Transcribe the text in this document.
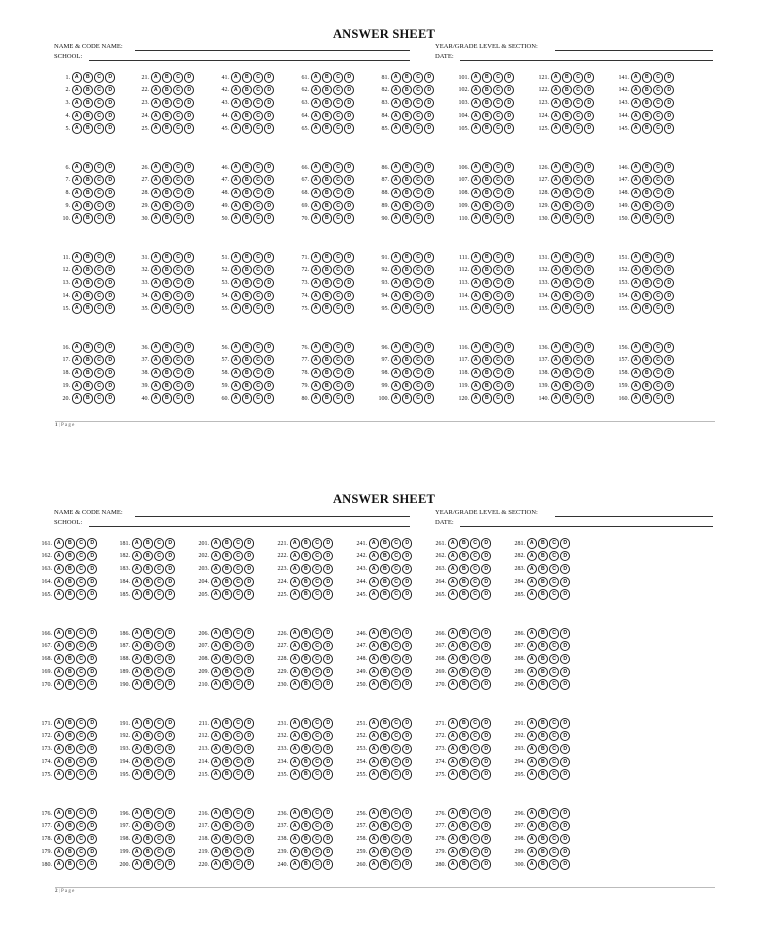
ANSWER SHEET
NAME & CODE NAME:
SCHOOL:
YEAR/GRADE LEVEL & SECTION:
DATE:
1. A	B	C	D
2. A	B	C	D
3. A	B	C	D
4. A	B	C	D
5. A	B	C	D
6. A	B	C	D
7. A	B	C	D
8. A	B	C	D
9. A	B	C	D
10. A	B	C	D
11. A	B	C	D
12. A	B	C	D
13. A	B	C	D
14. A	B	C	D
15. A	B	C	D
16. A	B	C	D
17. A	B	C	D
18. A	B	C	D
19. A	B	C	D
20. A	B	C	D
21. A	B	C	D
22. A	B	C	D
23. A	B	C	D
24. A	B	C	D
25. A	B	C	D
26. A	B	C	D
27. A	B	C	D
28. A	B	C	D
29. A	B	C	D
30. A	B	C	D
31. A	B	C	D
32. A	B	C	D
33. A	B	C	D
34. A	B	C	D
35. A	B	C	D
36. A	B	C	D
37. A	B	C	D
38. A	B	C	D
39. A	B	C	D
40. A	B	C	D
41. A	B	C	D
42. A	B	C	D
43. A	B	C	D
44. A	B	C	D
45. A	B	C	D
46. A	B	C	D
47. A	B	C	D
48. A	B	C	D
49. A	B	C	D
50. A	B	C	D
51. A	B	C	D
52. A	B	C	D
53. A	B	C	D
54. A	B	C	D
55. A	B	C	D
56. A	B	C	D
57. A	B	C	D
58. A	B	C	D
59. A	B	C	D
60. A	B	C	D
61. A	B	C	D
62. A	B	C	D
63. A	B	C	D
64. A	B	C	D
65. A	B	C	D
66. A	B	C	D
67. A	B	C	D
68. A	B	C	D
69. A	B	C	D
70. A	B	C	D
71. A	B	C	D
72. A	B	C	D
73. A	B	C	D
74. A	B	C	D
75. A	B	C	D
76. A	B	C	D
77. A	B	C	D
78. A	B	C	D
79. A	B	C	D
80. A	B	C	D
81. A	B	C	D
82. A	B	C	D
83. A	B	C	D
84. A	B	C	D
85. A	B	C	D
86. A	B	C	D
87. A	B	C	D
88. A	B	C	D
89. A	B	C	D
90. A	B	C	D
91. A	B	C	D
92. A	B	C	D
93. A	B	C	D
94. A	B	C	D
95. A	B	C	D
96. A	B	C	D
97. A	B	C	D
98. A	B	C	D
99. A	B	C	D
100. A	B	C	D
101. A	B	C	D
102. A	B	C	D
103. A	B	C	D
104. A	B	C	D
105. A	B	C	D
106. A	B	C	D
107. A	B	C	D
108. A	B	C	D
109. A	B	C	D
110. A	B	C	D
111. A	B	C	D
112. A	B	C	D
113. A	B	C	D
114. A	B	C	D
115. A	B	C	D
116. A	B	C	D
117. A	B	C	D
118. A	B	C	D
119. A	B	C	D
120. A	B	C	D
121. A	B	C	D
122. A	B	C	D
123. A	B	C	D
124. A	B	C	D
125. A	B	C	D
126. A	B	C	D
127. A	B	C	D
128. A	B	C	D
129. A	B	C	D
130. A	B	C	D
131. A	B	C	D
132. A	B	C	D
133. A	B	C	D
134. A	B	C	D
135. A	B	C	D
136. A	B	C	D
137. A	B	C	D
138. A	B	C	D
139. A	B	C	D
140. A	B	C	D
141. A	B	C	D
142. A	B	C	D
143. A	B	C	D
144. A	B	C	D
145. A	B	C	D
146. A	B	C	D
147. A	B	C	D
148. A	B	C	D
149. A	B	C	D
150. A	B	C	D
151. A	B	C	D
152. A	B	C	D
153. A	B	C	D
154. A	B	C	D
155. A	B	C	D
156. A	B	C	D
157. A	B	C	D
158. A	B	C	D
159. A	B	C	D
160. A	B	C	D
1 | P a g e
ANSWER SHEET
NAME & CODE NAME:
SCHOOL:
YEAR/GRADE LEVEL & SECTION:
DATE:
161. A	B	C	D
162. A	B	C	D
163. A	B	C	D
164. A	B	C	D
165. A	B	C	D
166. A	B	C	D
167. A	B	C	D
168. A	B	C	D
169. A	B	C	D
170. A	B	C	D
171. A	B	C	D
172. A	B	C	D
173. A	B	C	D
174. A	B	C	D
175. A	B	C	D
176. A	B	C	D
177. A	B	C	D
178. A	B	C	D
179. A	B	C	D
180. A	B	C	D
181. A	B	C	D
182. A	B	C	D
183. A	B	C	D
184. A	B	C	D
185. A	B	C	D
186. A	B	C	D
187. A	B	C	D
188. A	B	C	D
189. A	B	C	D
190. A	B	C	D
191. A	B	C	D
192. A	B	C	D
193. A	B	C	D
194. A	B	C	D
195. A	B	C	D
196. A	B	C	D
197. A	B	C	D
198. A	B	C	D
199. A	B	C	D
200. A	B	C	D
201. A	B	C	D
202. A	B	C	D
203. A	B	C	D
204. A	B	C	D
205. A	B	C	D
206. A	B	C	D
207. A	B	C	D
208. A	B	C	D
209. A	B	C	D
210. A	B	C	D
211. A	B	C	D
212. A	B	C	D
213. A	B	C	D
214. A	B	C	D
215. A	B	C	D
216. A	B	C	D
217. A	B	C	D
218. A	B	C	D
219. A	B	C	D
220. A	B	C	D
221. A	B	C	D
222. A	B	C	D
223. A	B	C	D
224. A	B	C	D
225. A	B	C	D
226. A	B	C	D
227. A	B	C	D
228. A	B	C	D
229. A	B	C	D
230. A	B	C	D
231. A	B	C	D
232. A	B	C	D
233. A	B	C	D
234. A	B	C	D
235. A	B	C	D
236. A	B	C	D
237. A	B	C	D
238. A	B	C	D
239. A	B	C	D
240. A	B	C	D
241. A	B	C	D
242. A	B	C	D
243. A	B	C	D
244. A	B	C	D
245. A	B	C	D
246. A	B	C	D
247. A	B	C	D
248. A	B	C	D
249. A	B	C	D
250. A	B	C	D
251. A	B	C	D
252. A	B	C	D
253. A	B	C	D
254. A	B	C	D
255. A	B	C	D
256. A	B	C	D
257. A	B	C	D
258. A	B	C	D
259. A	B	C	D
260. A	B	C	D
261. A	B	C	D
262. A	B	C	D
263. A	B	C	D
264. A	B	C	D
265. A	B	C	D
266. A	B	C	D
267. A	B	C	D
268. A	B	C	D
269. A	B	C	D
270. A	B	C	D
271. A	B	C	D
272. A	B	C	D
273. A	B	C	D
274. A	B	C	D
275. A	B	C	D
276. A	B	C	D
277. A	B	C	D
278. A	B	C	D
279. A	B	C	D
280. A	B	C	D
281. A	B	C	D
282. A	B	C	D
283. A	B	C	D
284. A	B	C	D
285. A	B	C	D
286. A	B	C	D
287. A	B	C	D
288. A	B	C	D
289. A	B	C	D
290. A	B	C	D
291. A	B	C	D
292. A	B	C	D
293. A	B	C	D
294. A	B	C	D
295. A	B	C	D
296. A	B	C	D
297. A	B	C	D
298. A	B	C	D
299. A	B	C	D
300. A	B	C	D
2 | P a g e
